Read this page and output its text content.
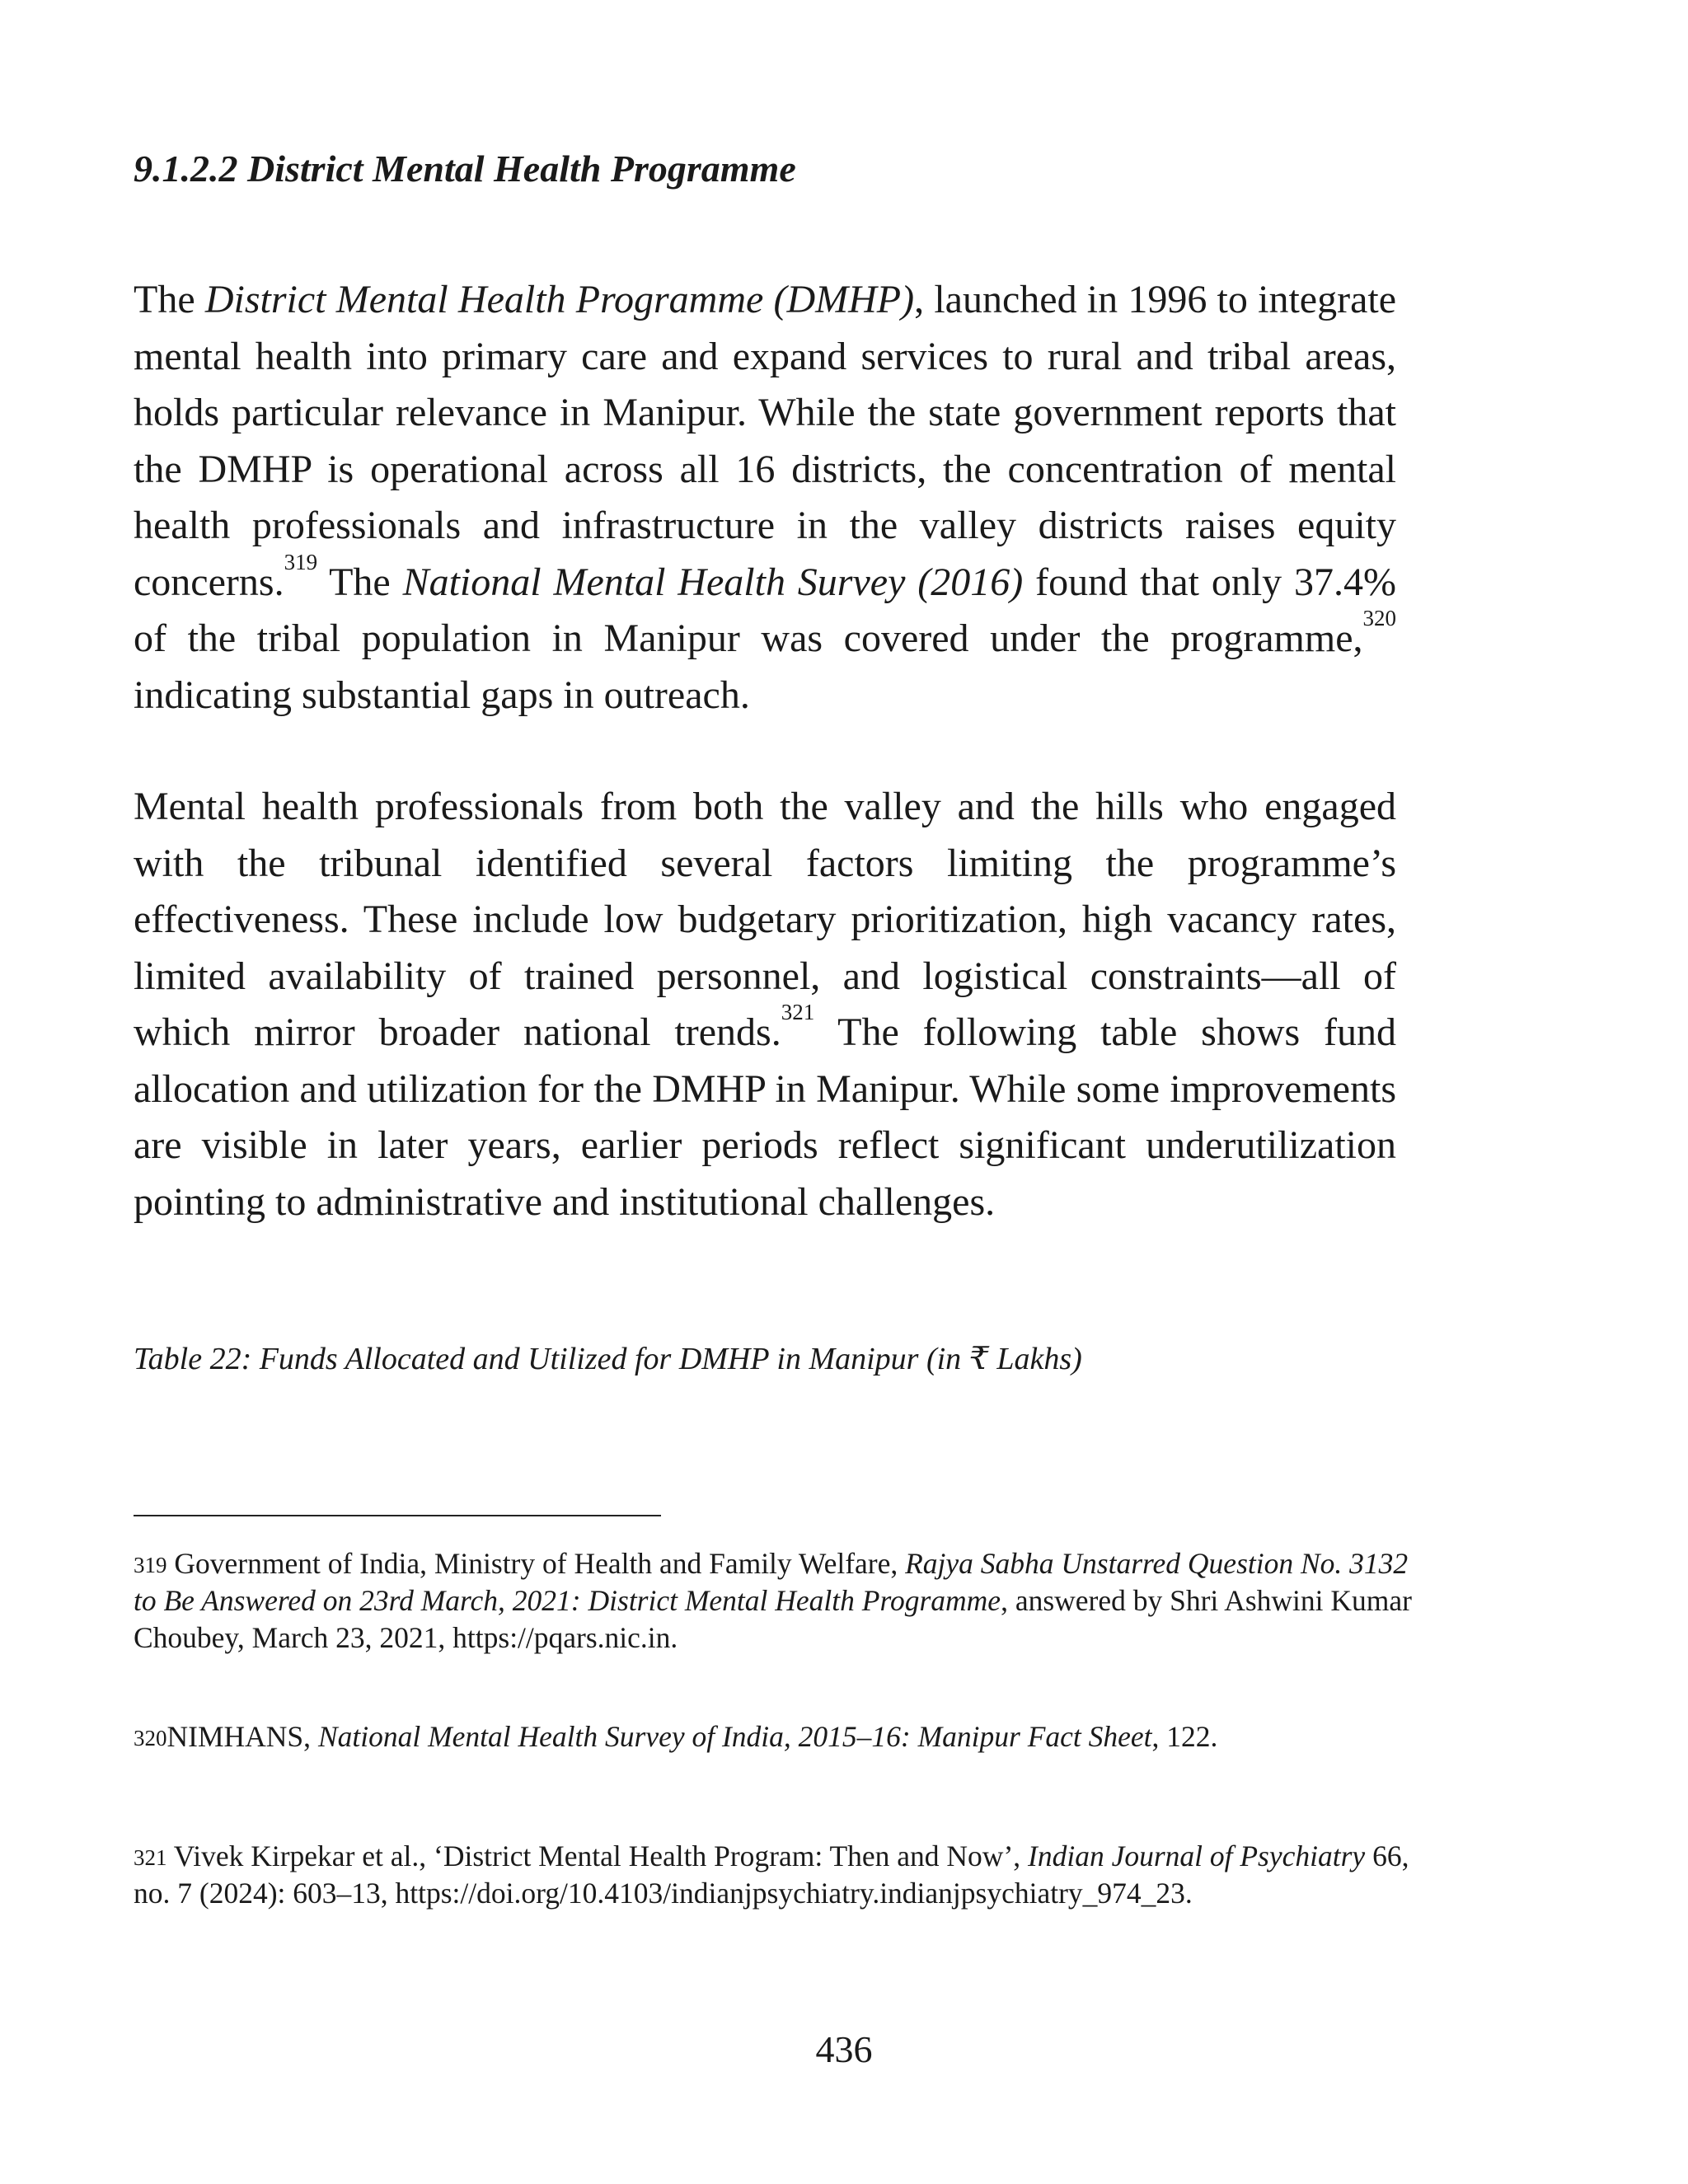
9.1.2.2 District Mental Health Programme

The District Mental Health Programme (DMHP), launched in 1996 to integrate mental health into primary care and expand services to rural and tribal areas, holds particular relevance in Manipur. While the state government reports that the DMHP is operational across all 16 districts, the concentration of mental health professionals and infrastructure in the valley districts raises equity concerns.$^{319}$ The National Mental Health Survey (2016) found that only 37.4% of the tribal population in Manipur was covered under the programme,$^{320}$ indicating substantial gaps in outreach.

Mental health professionals from both the valley and the hills who engaged with the tribunal identified several factors limiting the programme’s effectiveness. These include low budgetary prioritization, high vacancy rates, limited availability of trained personnel, and logistical constraints—all of which mirror broader national trends.$^{321}$ The following table shows fund allocation and utilization for the DMHP in Manipur. While some improvements are visible in later years, earlier periods reflect significant underutilization pointing to administrative and institutional challenges.

Table 22: Funds Allocated and Utilized for DMHP in Manipur (in ₹ Lakhs)

$^{319}$ Government of India, Ministry of Health and Family Welfare, Rajya Sabha Unstarred Question No. 3132 to Be Answered on 23rd March, 2021: District Mental Health Programme, answered by Shri Ashwini Kumar Choubey, March 23, 2021, https://pqars.nic.in.

$^{320}$NIMHANS, National Mental Health Survey of India, 2015–16: Manipur Fact Sheet, 122.

$^{321}$ Vivek Kirpekar et al., ‘District Mental Health Program: Then and Now’, Indian Journal of Psychiatry 66, no. 7 (2024): 603–13, https://doi.org/10.4103/indianjpsychiatry.indianjpsychiatry_974_23.

436
